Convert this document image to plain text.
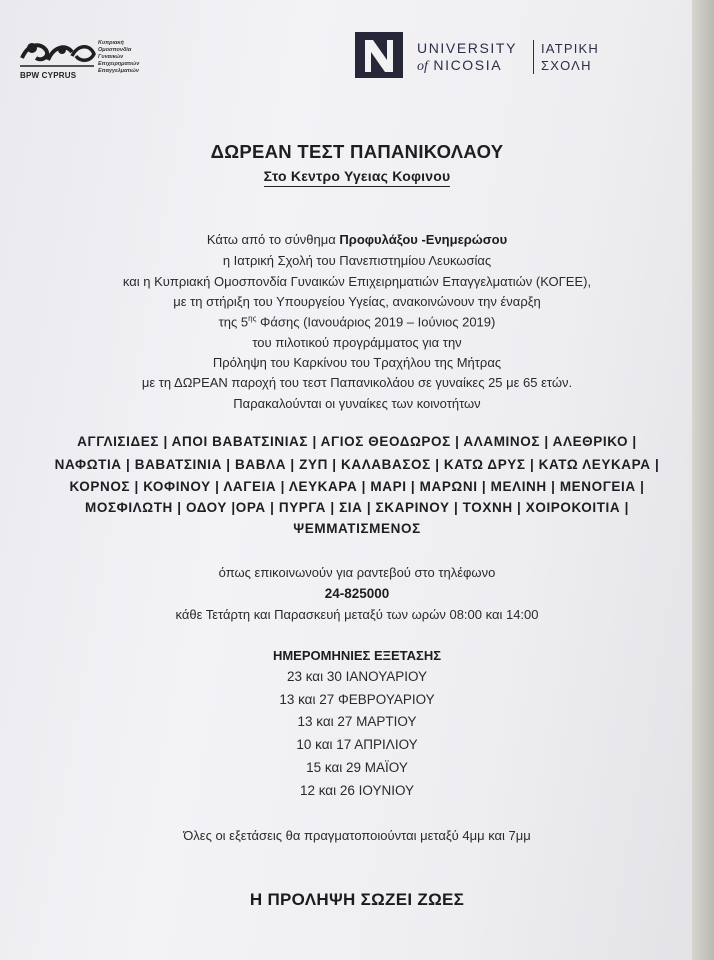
Κυπριακή
Ομοσπονδία
Γυναικών
Επιχειρηματιών
Επαγγελματιών
BPW CYPRUS
UNIVERSITY
of NICOSIA
ΙΑΤΡΙΚΗ
ΣΧΟΛΗ
ΔΩΡΕΑΝ ΤΕΣΤ ΠΑΠΑΝΙΚΟΛΑΟΥ
Στο Κεντρο Υγειας Κοφινου
Κάτω από το σύνθημα Προφυλάξου -Ενημερώσου
η Ιατρική Σχολή του Πανεπιστημίου Λευκωσίας
και η Κυπριακή Ομοσπονδία Γυναικών Επιχειρηματιών Επαγγελματιών (ΚΟΓΕΕ),
με τη στήριξη του Υπουργείου Υγείας, ανακοινώνουν την έναρξη
της $5^{\eta\varsigma}$ Φάσης (Ιανουάριος 2019 – Ιούνιος 2019)
του πιλοτικού προγράμματος για την
Πρόληψη του Καρκίνου του Τραχήλου της Μήτρας
με τη ΔΩΡΕΑΝ παροχή του τεστ Παπανικολάου σε γυναίκες 25 με 65 ετών.
Παρακαλούνται οι γυναίκες των κοινοτήτων
ΑΓΓΛΙΣΙΔΕΣ | ΑΠΟΙ ΒΑΒΑΤΣΙΝΙΑΣ | ΑΓΙΟΣ ΘΕΟΔΩΡΟΣ | ΑΛΑΜΙΝΟΣ | ΑΛΕΘΡΙΚΟ |
ΝΑΦΩΤΙΑ | ΒΑΒΑΤΣΙΝΙΑ | ΒΑΒΛΑ | ΖΥΠ | ΚΑΛΑΒΑΣΟΣ | ΚΑΤΩ ΔΡΥΣ | ΚΑΤΩ ΛΕΥΚΑΡΑ |
ΚΟΡΝΟΣ | ΚΟΦΙΝΟΥ | ΛΑΓΕΙΑ | ΛΕΥΚΑΡΑ | ΜΑΡΙ | ΜΑΡΩΝΙ | ΜΕΛΙΝΗ | ΜΕΝΟΓΕΙΑ |
ΜΟΣΦΙΛΩΤΗ | ΟΔΟΥ |ΟΡΑ | ΠΥΡΓΑ | ΣΙΑ | ΣΚΑΡΙΝΟΥ | ΤΟΧΝΗ | ΧΟΙΡΟΚΟΙΤΙΑ |
ΨΕΜΜΑΤΙΣΜΕΝΟΣ
όπως επικοινωνούν για ραντεβού στο τηλέφωνο
24-825000
κάθε Τετάρτη και Παρασκευή μεταξύ των ωρών 08:00 και 14:00
ΗΜΕΡΟΜΗΝΙΕΣ ΕΞΕΤΑΣΗΣ
23 και 30 ΙΑΝΟΥΑΡΙΟΥ
13 και 27 ΦΕΒΡΟΥΑΡΙΟΥ
13 και 27 ΜΑΡΤΙΟΥ
10 και 17 ΑΠΡΙΛΙΟΥ
15 και 29 ΜΑΪΟΥ
12 και 26 ΙΟΥΝΙΟΥ
Όλες οι εξετάσεις θα πραγματοποιούνται μεταξύ 4μμ και 7μμ
Η ΠΡΟΛΗΨΗ ΣΩΖΕΙ ΖΩΕΣ
